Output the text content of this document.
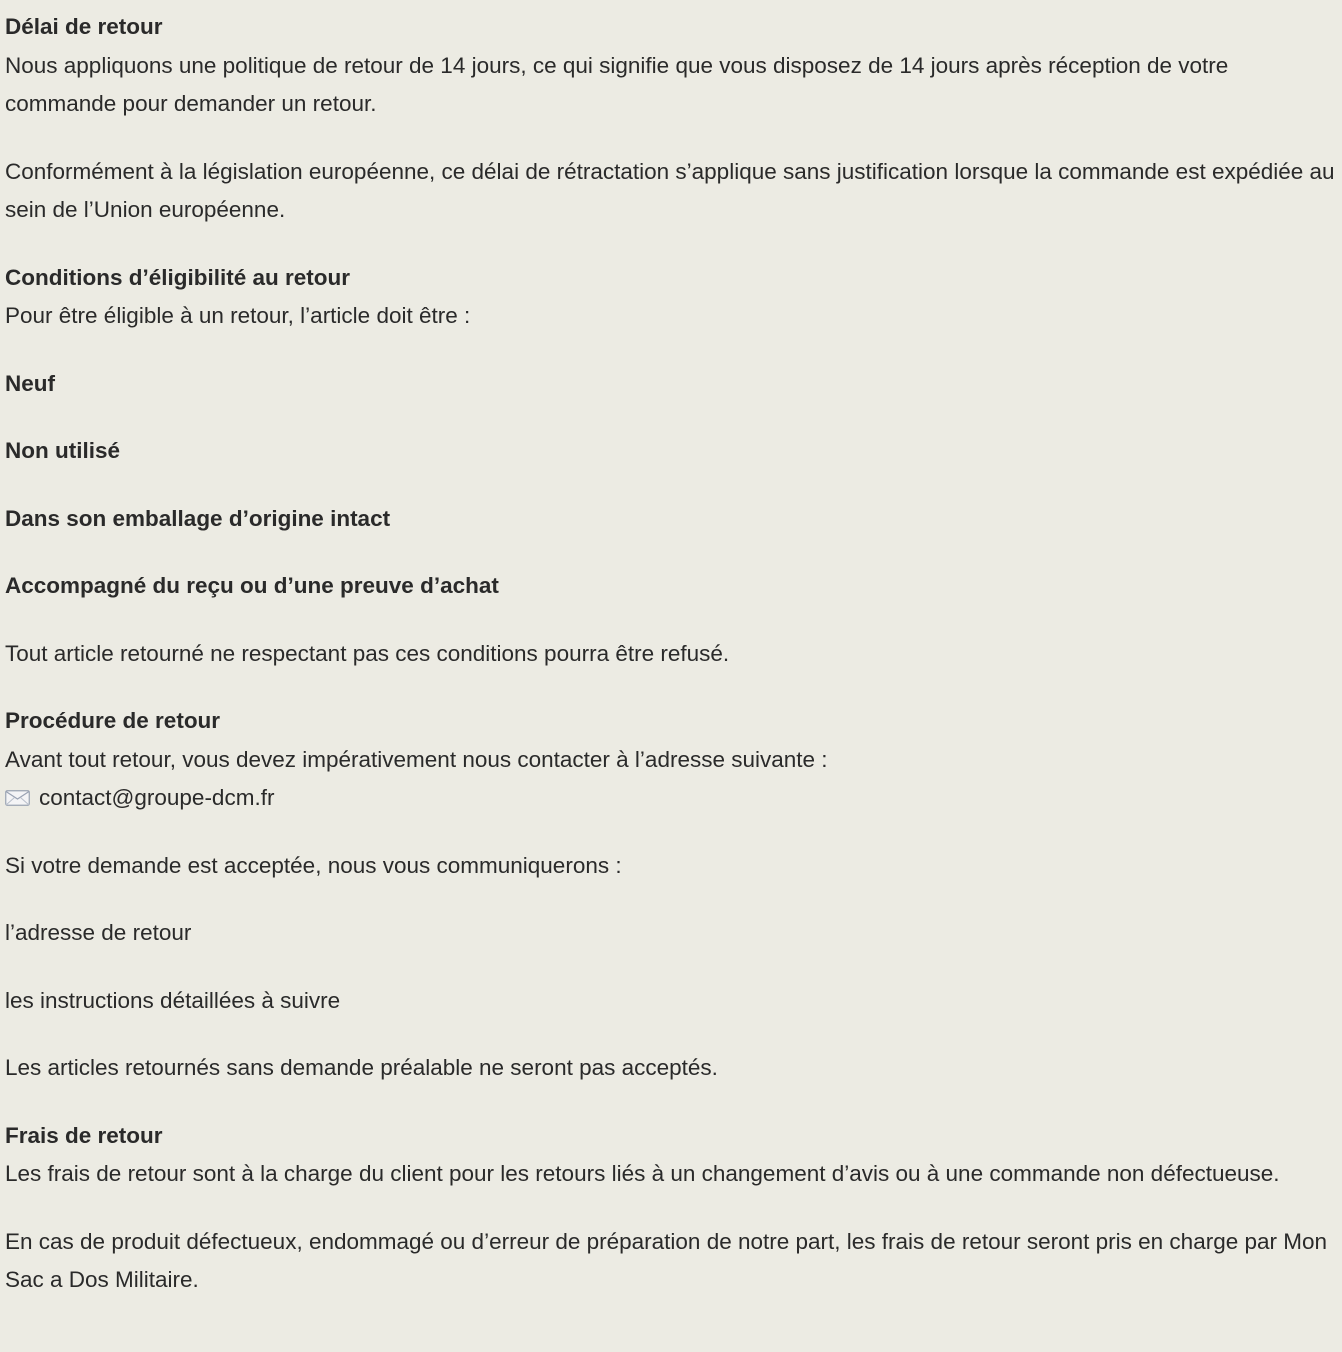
Délai de retour
Nous appliquons une politique de retour de 14 jours, ce qui signifie que vous disposez de 14 jours après réception de votre commande pour demander un retour.

Conformément à la législation européenne, ce délai de rétractation s’applique sans justification lorsque la commande est expédiée au sein de l’Union européenne.

Conditions d’éligibilité au retour
Pour être éligible à un retour, l’article doit être :

Neuf

Non utilisé

Dans son emballage d’origine intact

Accompagné du reçu ou d’une preuve d’achat

Tout article retourné ne respectant pas ces conditions pourra être refusé.

Procédure de retour
Avant tout retour, vous devez impérativement nous contacter à l’adresse suivante :
contact@groupe-dcm.fr

Si votre demande est acceptée, nous vous communiquerons :

l’adresse de retour

les instructions détaillées à suivre

Les articles retournés sans demande préalable ne seront pas acceptés.

Frais de retour
Les frais de retour sont à la charge du client pour les retours liés à un changement d’avis ou à une commande non défectueuse.

En cas de produit défectueux, endommagé ou d’erreur de préparation de notre part, les frais de retour seront pris en charge par Mon Sac a Dos Militaire.
